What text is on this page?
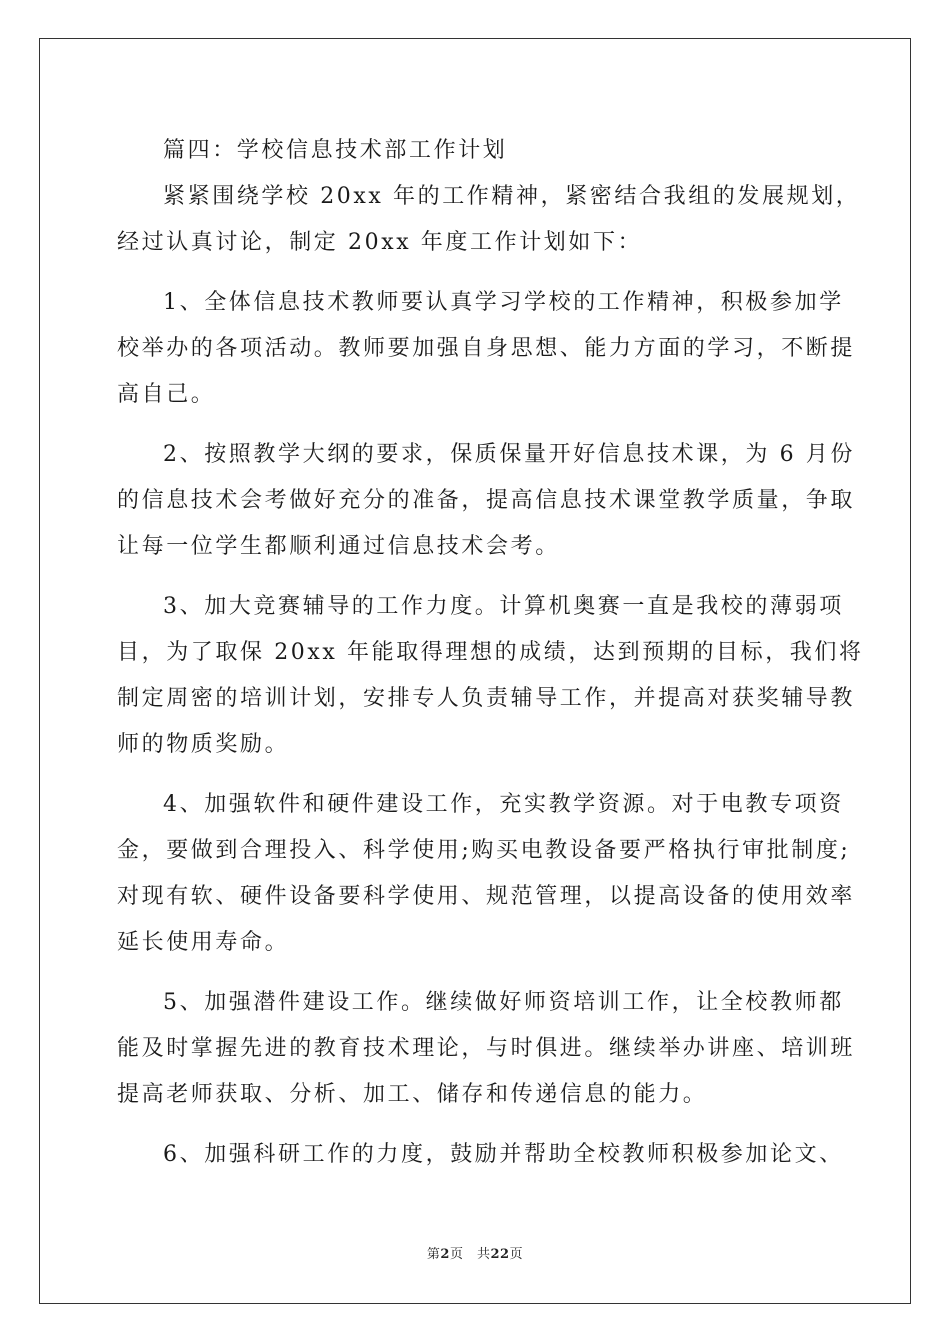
篇四：学校信息技术部工作计划
紧紧围绕学校 20xx 年的工作精神，紧密结合我组的发展规划，
经过认真讨论，制定 20xx 年度工作计划如下：
1、全体信息技术教师要认真学习学校的工作精神，积极参加学
校举办的各项活动。教师要加强自身思想、能力方面的学习，不断提
高自己。
2、按照教学大纲的要求，保质保量开好信息技术课，为 6 月份
的信息技术会考做好充分的准备，提高信息技术课堂教学质量，争取
让每一位学生都顺利通过信息技术会考。
3、加大竞赛辅导的工作力度。计算机奥赛一直是我校的薄弱项
目，为了取保 20xx 年能取得理想的成绩，达到预期的目标，我们将
制定周密的培训计划，安排专人负责辅导工作，并提高对获奖辅导教
师的物质奖励。
4、加强软件和硬件建设工作，充实教学资源。对于电教专项资
金，要做到合理投入、科学使用;购买电教设备要严格执行审批制度;
对现有软、硬件设备要科学使用、规范管理，以提高设备的使用效率
延长使用寿命。
5、加强潜件建设工作。继续做好师资培训工作，让全校教师都
能及时掌握先进的教育技术理论，与时俱进。继续举办讲座、培训班
提高老师获取、分析、加工、储存和传递信息的能力。
6、加强科研工作的力度，鼓励并帮助全校教师积极参加论文、
第2页　共22页
